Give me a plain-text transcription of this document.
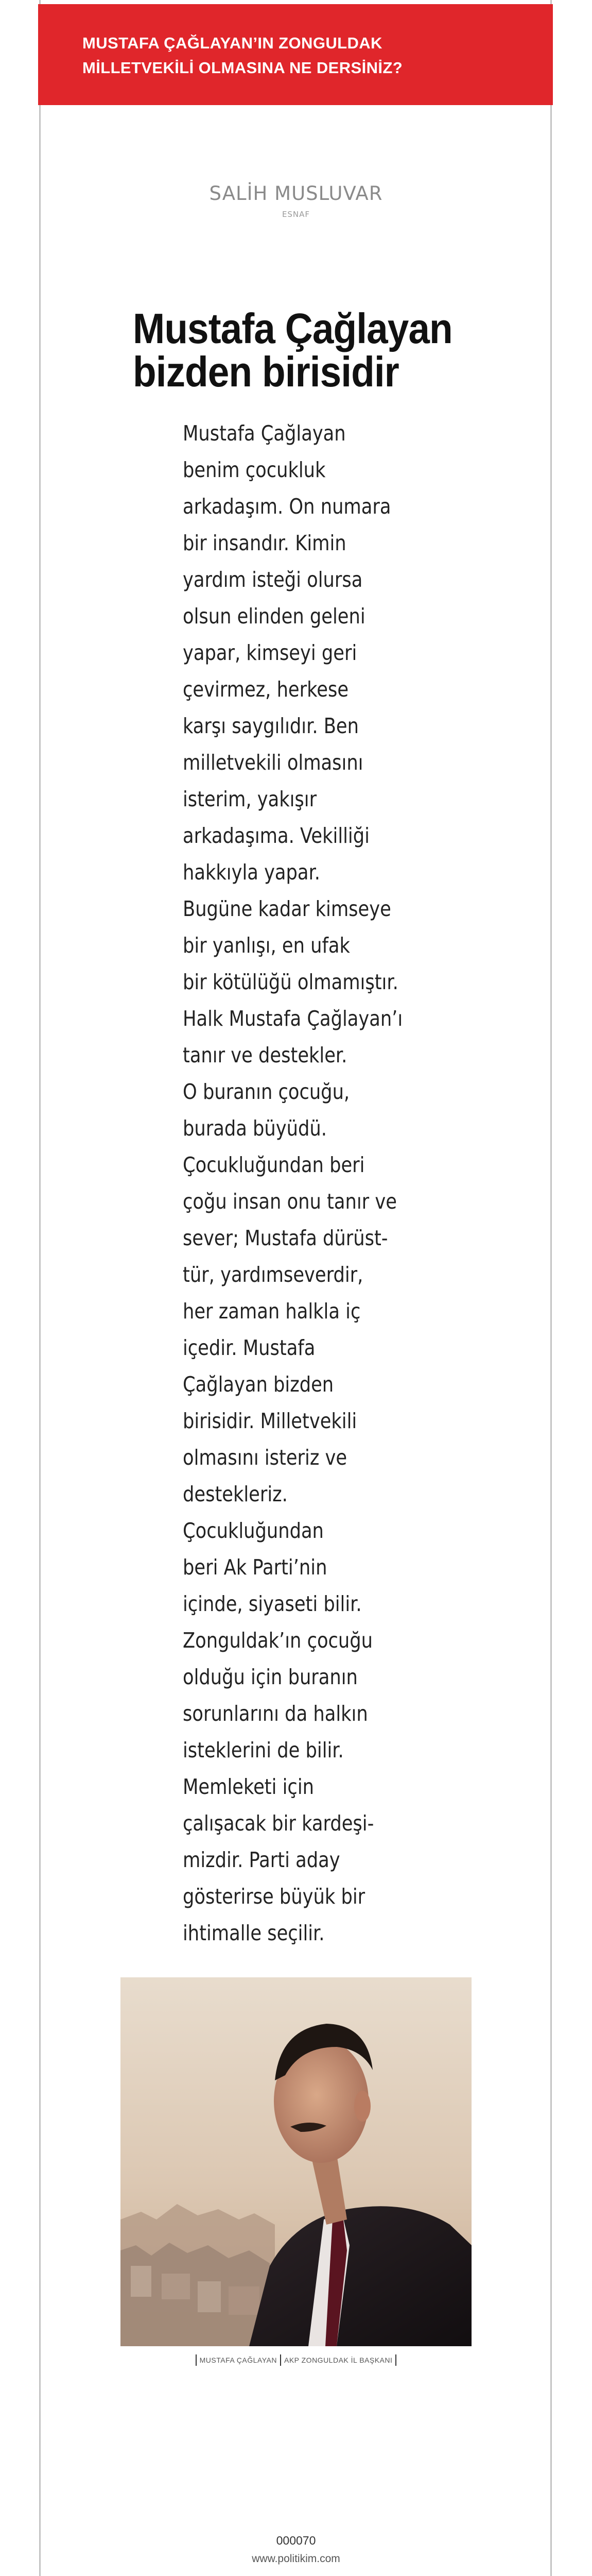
MUSTAFA ÇAĞLAYAN’IN ZONGULDAK
MİLLETVEKİLİ OLMASINA NE DERSİNİZ?
SALİH MUSLUVAR
ESNAF
Mustafa Çağlayan
bizden birisidir
Mustafa Çağlayan
benim çocukluk
arkadaşım. On numara
bir insandır. Kimin
yardım isteği olursa
olsun elinden geleni
yapar, kimseyi geri
çevirmez, herkese
karşı saygılıdır. Ben
milletvekili olmasını
isterim, yakışır
arkadaşıma. Vekilliği
hakkıyla yapar.
Bugüne kadar kimseye
bir yanlışı, en ufak
bir kötülüğü olmamıştır.
Halk Mustafa Çağlayan’ı
tanır ve destekler.
O buranın çocuğu,
burada büyüdü.
Çocukluğundan beri
çoğu insan onu tanır ve
sever; Mustafa dürüst-
tür, yardımseverdir,
her zaman halkla iç
içedir. Mustafa
Çağlayan bizden
birisidir. Milletvekili
olmasını isteriz ve
destekleriz.
Çocukluğundan
beri Ak Parti’nin
içinde, siyaseti bilir.
Zonguldak’ın çocuğu
olduğu için buranın
sorunlarını da halkın
isteklerini de bilir.
Memleketi için
çalışacak bir kardeşi-
mizdir. Parti aday
gösterirse büyük bir
ihtimalle seçilir.
MUSTAFA ÇAĞLAYAN AKP ZONGULDAK İL BAŞKANI
000070
www.politikim.com
